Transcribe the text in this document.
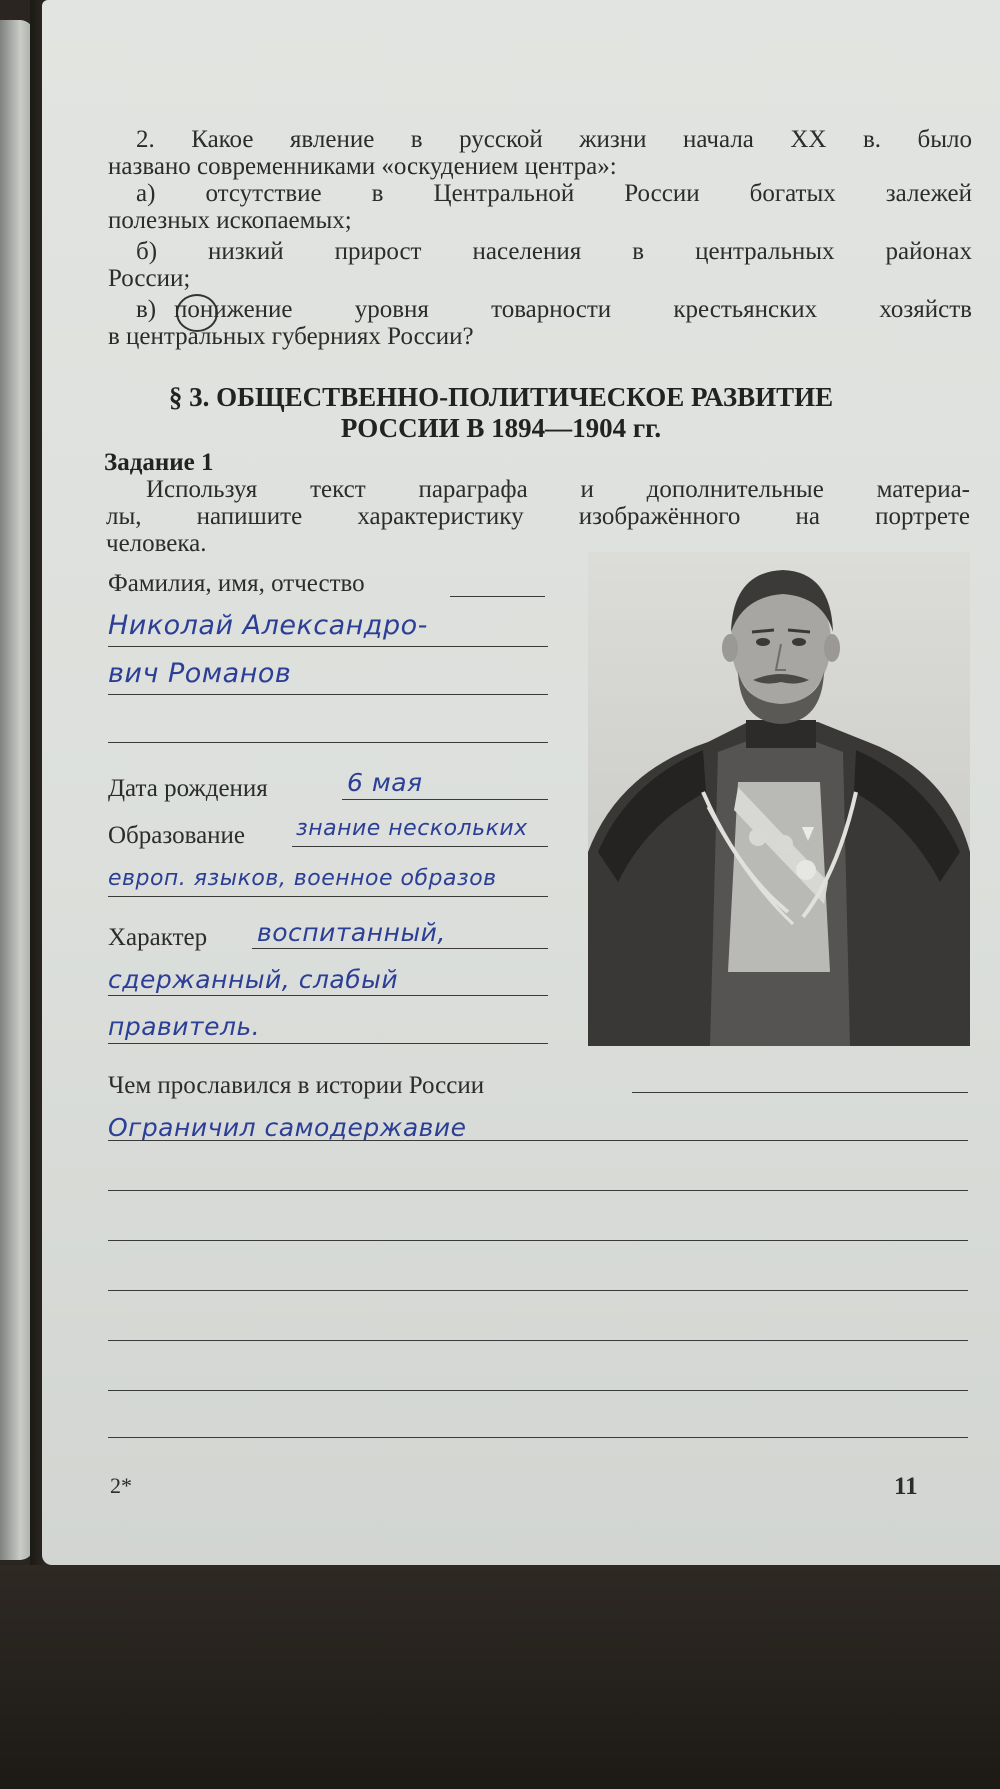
2. Какое явление в русской жизни начала XX в. было
названо современниками «оскудением центра»:
а) отсутствие в Центральной России богатых залежей
полезных ископаемых;
б) низкий прирост населения в центральных районах
России;
в) понижение уровня товарности крестьянских хозяйств
в центральных губерниях России?
§ 3. ОБЩЕСТВЕННО-ПОЛИТИЧЕСКОЕ РАЗВИТИЕ
РОССИИ В 1894—1904 гг.
Задание 1
Используя текст параграфа и дополнительные материа-
лы, напишите характеристику изображённого на портрете
человека.
Фамилия, имя, отчество
Николай Александро-
вич Романов
Дата рождения	6 мая
Образование знание нескольких
европ. языков, военное образов
Характер воспитанный,
сдержанный, слабый
правитель.
Чем прославился в истории России
Ограничил самодержавие
2*	11
